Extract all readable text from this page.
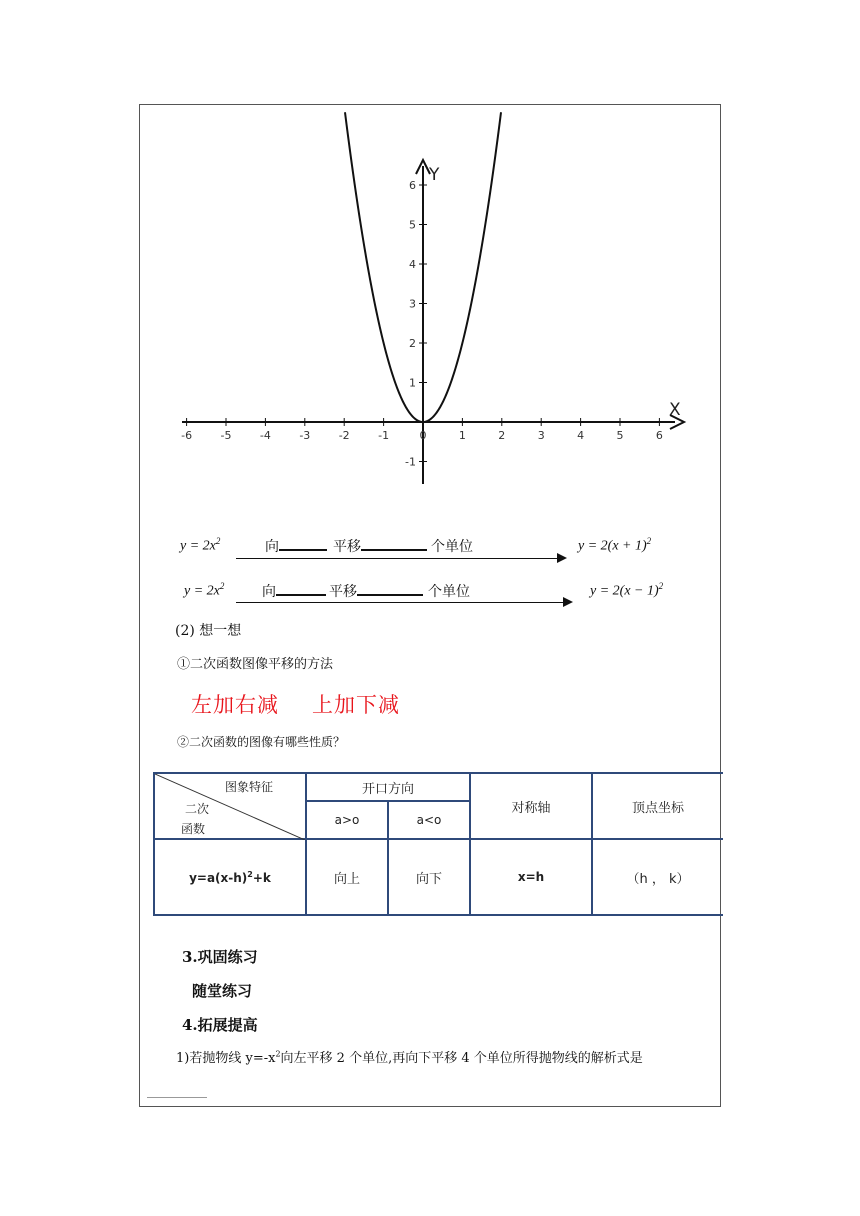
-6	-5	-4	-3	-2	-1	0	1	2	3	4	5	6
6
5
4
3
2
1
-1
X
Y
$y = 2x^2$	向	平移	个单位	$y = 2(x + 1)^2$
$y = 2x^2$	向	平移	个单位	$y = 2(x - 1)^2$
(2) 想一想
①二次函数图像平移的方法
左加右减 上加下减
②二次函数的图像有哪些性质？
图象特征
二次
函数	开口方向		对称轴	顶点坐标
	a>o	a<o		
$y=a(x-h)^2+k$	向上	向下	x=h	（h ， k）
3.巩固练习
随堂练习
4.拓展提高
1)若抛物线 $y=-x^2$向左平移 2 个单位,再向下平移 4 个单位所得抛物线的解析式是
